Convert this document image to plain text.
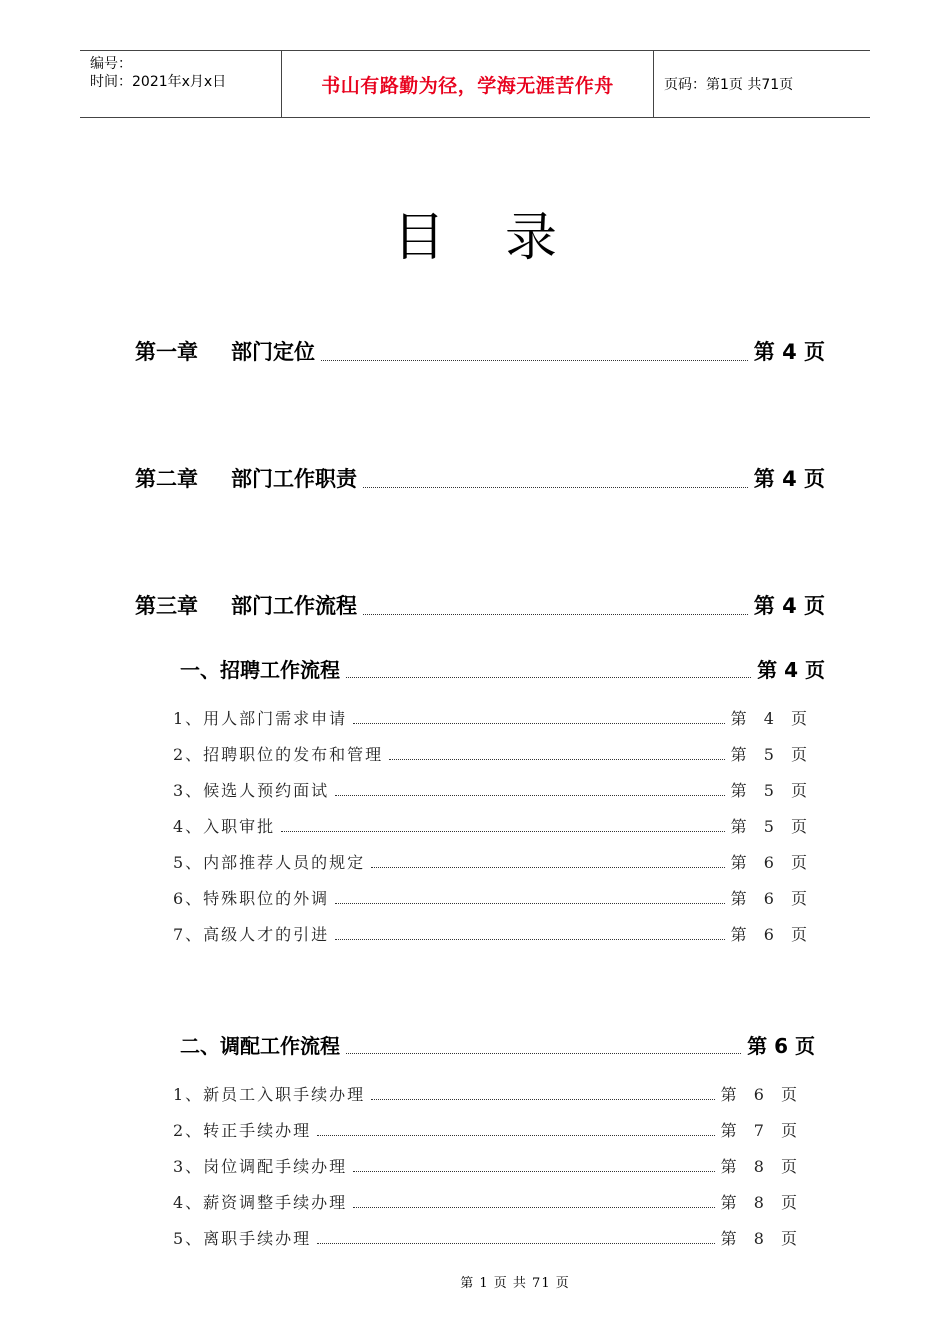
编号：
时间：2021年x月x日	书山有路勤为径，学海无涯苦作舟	页码：第1页 共71页
目录
第一章 部门定位	第 4 页
第二章 部门工作职责	第 4 页
第三章 部门工作流程	第 4 页
一、招聘工作流程	第 4 页
1、用人部门需求申请	第 4 页
2、招聘职位的发布和管理	第 5 页
3、候选人预约面试	第 5 页
4、入职审批	第 5 页
5、内部推荐人员的规定	第 6 页
6、特殊职位的外调	第 6 页
7、高级人才的引进	第 6 页
二、调配工作流程	第 6 页
1、新员工入职手续办理	第 6 页
2、转正手续办理	第 7 页
3、岗位调配手续办理	第 8 页
4、薪资调整手续办理	第 8 页
5、离职手续办理	第 8 页
第 1 页 共 71 页
